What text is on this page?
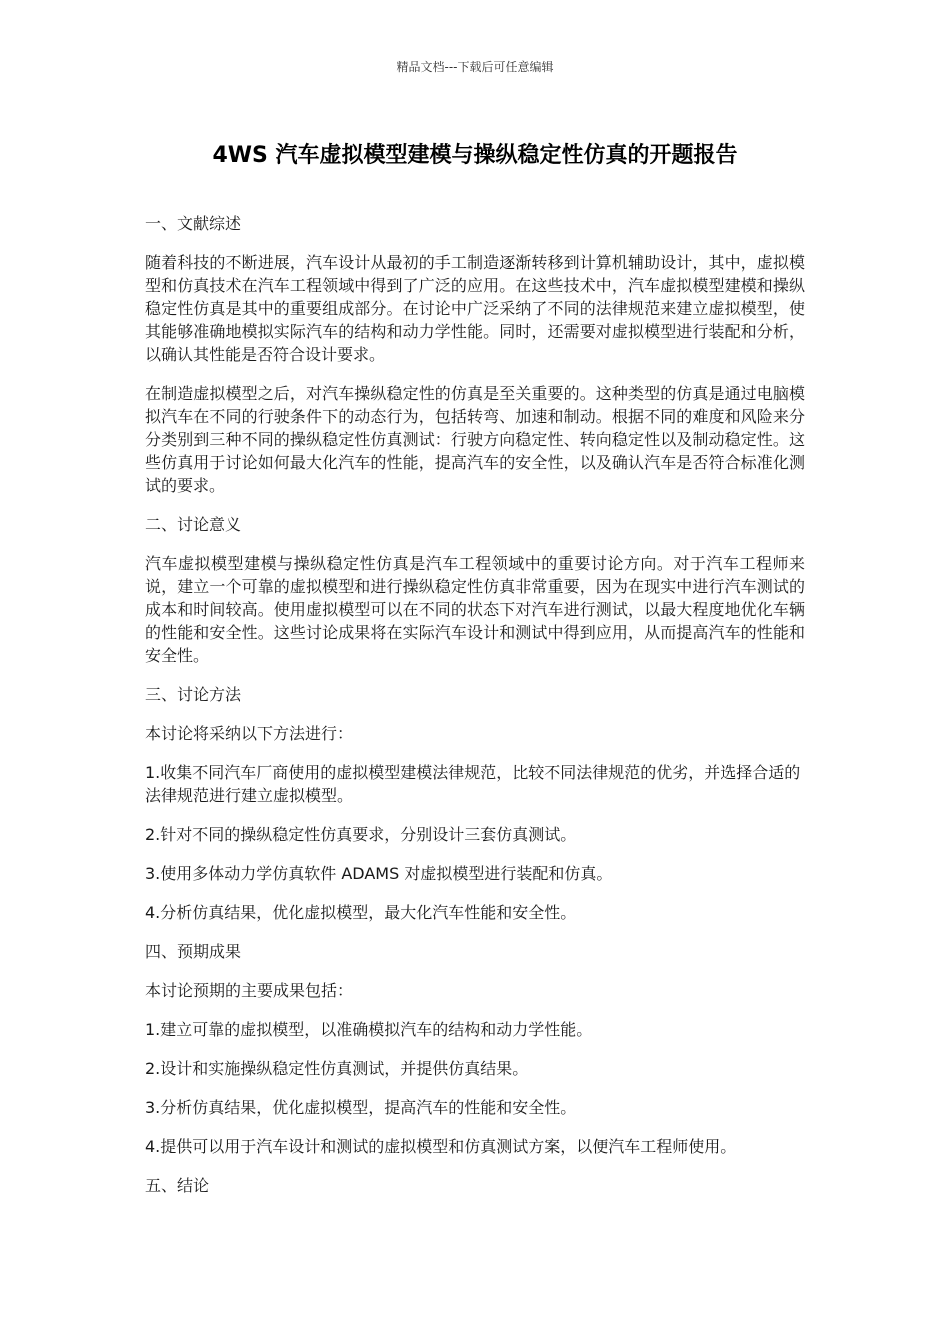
精品文档---下载后可任意编辑
4WS 汽车虚拟模型建模与操纵稳定性仿真的开题报告
一、文献综述

随着科技的不断进展，汽车设计从最初的手工制造逐渐转移到计算机辅助设计，其中，虚拟模型和仿真技术在汽车工程领域中得到了广泛的应用。在这些技术中，汽车虚拟模型建模和操纵稳定性仿真是其中的重要组成部分。在讨论中广泛采纳了不同的法律规范来建立虚拟模型，使其能够准确地模拟实际汽车的结构和动力学性能。同时，还需要对虚拟模型进行装配和分析，以确认其性能是否符合设计要求。

在制造虚拟模型之后，对汽车操纵稳定性的仿真是至关重要的。这种类型的仿真是通过电脑模拟汽车在不同的行驶条件下的动态行为，包括转弯、加速和制动。根据不同的难度和风险来分分类别到三种不同的操纵稳定性仿真测试：行驶方向稳定性、转向稳定性以及制动稳定性。这些仿真用于讨论如何最大化汽车的性能，提高汽车的安全性，以及确认汽车是否符合标准化测试的要求。

二、讨论意义

汽车虚拟模型建模与操纵稳定性仿真是汽车工程领域中的重要讨论方向。对于汽车工程师来说，建立一个可靠的虚拟模型和进行操纵稳定性仿真非常重要，因为在现实中进行汽车测试的成本和时间较高。使用虚拟模型可以在不同的状态下对汽车进行测试，以最大程度地优化车辆的性能和安全性。这些讨论成果将在实际汽车设计和测试中得到应用，从而提高汽车的性能和安全性。

三、讨论方法

本讨论将采纳以下方法进行：

1.收集不同汽车厂商使用的虚拟模型建模法律规范，比较不同法律规范的优劣，并选择合适的法律规范进行建立虚拟模型。

2.针对不同的操纵稳定性仿真要求，分别设计三套仿真测试。

3.使用多体动力学仿真软件 ADAMS 对虚拟模型进行装配和仿真。

4.分析仿真结果，优化虚拟模型，最大化汽车性能和安全性。

四、预期成果

本讨论预期的主要成果包括：

1.建立可靠的虚拟模型，以准确模拟汽车的结构和动力学性能。

2.设计和实施操纵稳定性仿真测试，并提供仿真结果。

3.分析仿真结果，优化虚拟模型，提高汽车的性能和安全性。

4.提供可以用于汽车设计和测试的虚拟模型和仿真测试方案，以便汽车工程师使用。

五、结论
